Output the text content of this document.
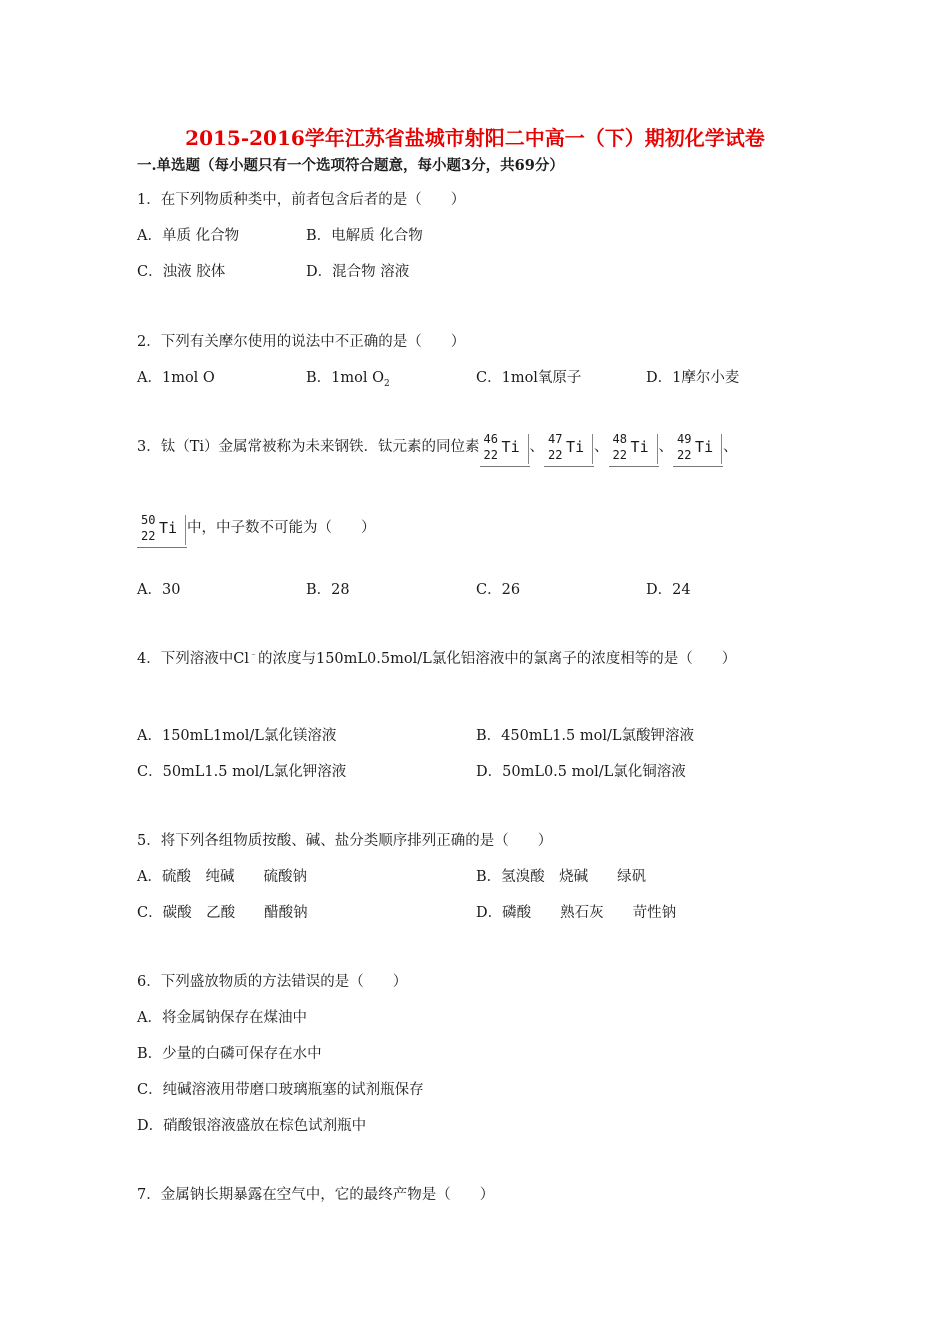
2015-2016学年江苏省盐城市射阳二中高一（下）期初化学试卷
一.单选题（每小题只有一个选项符合题意，每小题3分，共69分）
1．在下列物质种类中，前者包含后者的是（　　）
A．单质 化合物	B．电解质 化合物
C．浊液 胶体	D．混合物 溶液
2．下列有关摩尔使用的说法中不正确的是（　　）
A．1mol O	B．1mol $O_2$	C．1mol氧原子	D．1摩尔小麦
3．钛（Ti）金属常被称为未来钢铁．钛元素的同位素 46
22 Ti 、 47
22 Ti 、 48
22 Ti 、 49
22 Ti 、
50
22 Ti 中，中子数不可能为（　　）
A．30	B．28	C．26	D．24
4．下列溶液中Cl﹣的浓度与150mL0.5mol/L氯化铝溶液中的氯离子的浓度相等的是（　　）
A．150mL1mol/L氯化镁溶液	B．450mL1.5 mol/L氯酸钾溶液
C．50mL1.5 mol/L氯化钾溶液	D．50mL0.5 mol/L氯化铜溶液
5．将下列各组物质按酸、碱、盐分类顺序排列正确的是（　　）
A．硫酸　纯碱　　硫酸钠	B．氢溴酸　烧碱　　绿矾
C．碳酸　乙酸　　醋酸钠	D．磷酸　　熟石灰　　苛性钠
6．下列盛放物质的方法错误的是（　　）
A．将金属钠保存在煤油中
B．少量的白磷可保存在水中
C．纯碱溶液用带磨口玻璃瓶塞的试剂瓶保存
D．硝酸银溶液盛放在棕色试剂瓶中
7．金属钠长期暴露在空气中，它的最终产物是（　　）
